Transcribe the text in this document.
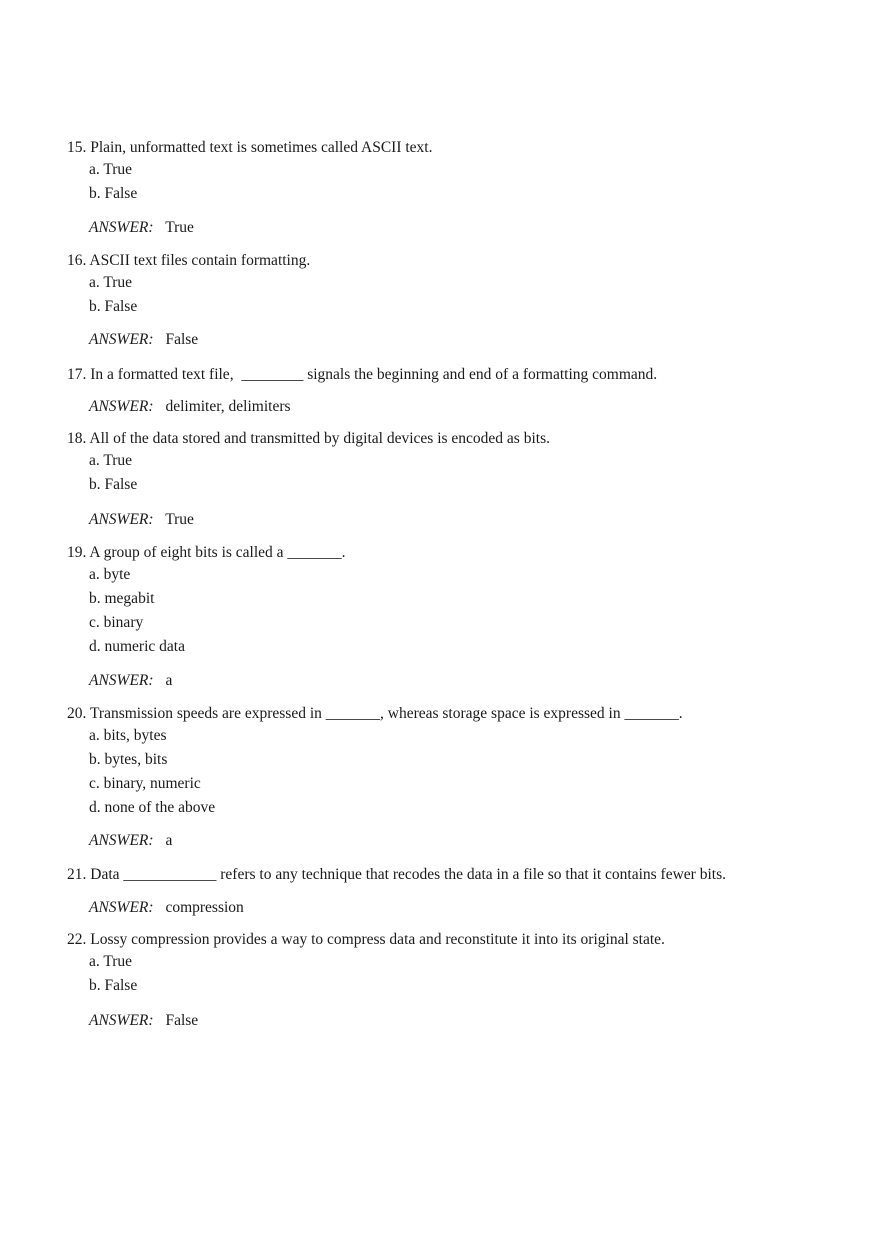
15. Plain, unformatted text is sometimes called ASCII text.
a. True
b. False
ANSWER: True
16. ASCII text files contain formatting.
a. True
b. False
ANSWER: False
17. In a formatted text file,  ________ signals the beginning and end of a formatting command.
ANSWER: delimiter, delimiters
18. All of the data stored and transmitted by digital devices is encoded as bits.
a. True
b. False
ANSWER: True
19. A group of eight bits is called a _______.
a. byte
b. megabit
c. binary
d. numeric data
ANSWER: a
20. Transmission speeds are expressed in _______, whereas storage space is expressed in _______.
a. bits, bytes
b. bytes, bits
c. binary, numeric
d. none of the above
ANSWER: a
21. Data ____________ refers to any technique that recodes the data in a file so that it contains fewer bits.
ANSWER: compression
22. Lossy compression provides a way to compress data and reconstitute it into its original state.
a. True
b. False
ANSWER: False
